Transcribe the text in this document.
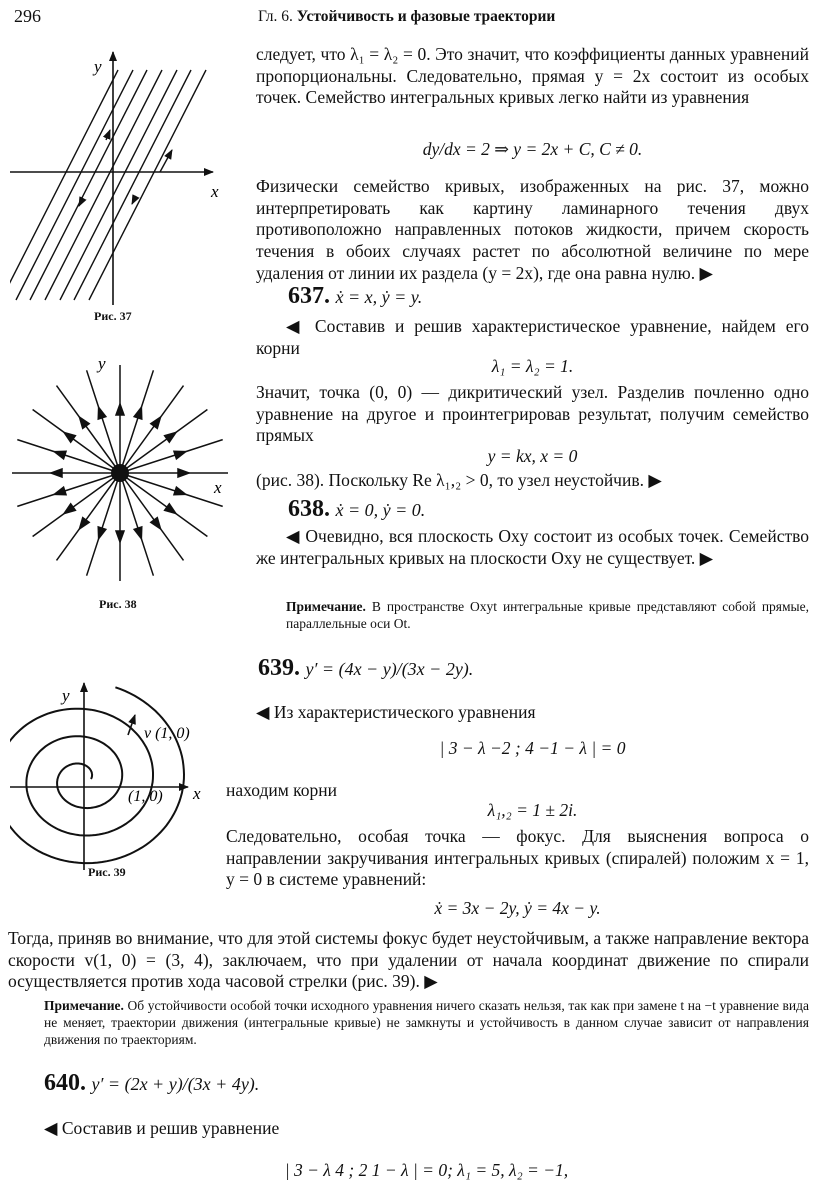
296	Гл. 6. Устойчивость и фазовые траектории
x
y
Рис. 37
x
y
Рис. 38
x
y
v (1, 0)
(1, 0)
Рис. 39
следует, что λ₁ = λ₂ = 0. Это значит, что коэффициенты данных уравнений пропорциональны. Следовательно, прямая y = 2x состоит из особых точек. Семейство интегральных кривых легко найти из уравнения
dy/dx = 2 ⇒ y = 2x + C, C ≠ 0.
Физически семейство кривых, изображенных на рис. 37, можно интерпретировать как картину ламинарного течения двух противоположно направленных потоков жидкости, причем скорость течения в обоих случаях растет по абсолютной величине по мере удаления от линии их раздела (y = 2x), где она равна нулю. ▶
637. ẋ = x, ẏ = y.
◀ Составив и решив характеристическое уравнение, найдем его корни
λ₁ = λ₂ = 1.
Значит, точка (0, 0) — дикритический узел. Разделив почленно одно уравнение на другое и проинтегрировав результат, получим семейство прямых
y = kx, x = 0
(рис. 38). Поскольку Re λ₁,₂ > 0, то узел неустойчив. ▶
638. ẋ = 0, ẏ = 0.
◀ Очевидно, вся плоскость Oxy состоит из особых точек. Семейство же интегральных кривых на плоскости Oxy не существует. ▶
Примечание. В пространстве Oxyt интегральные кривые представляют собой прямые, параллельные оси Ot.
639. y′ = (4x − y)/(3x − 2y).
◀ Из характеристического уравнения
| 3 − λ −2 ; 4 −1 − λ | = 0
находим корни
λ₁,₂ = 1 ± 2i.
Следовательно, особая точка — фокус. Для выяснения вопроса о направлении закручивания интегральных кривых (спиралей) положим x = 1, y = 0 в системе уравнений:
ẋ = 3x − 2y, ẏ = 4x − y.
Тогда, приняв во внимание, что для этой системы фокус будет неустойчивым, а также направление вектора скорости v(1, 0) = (3, 4), заключаем, что при удалении от начала координат движение по спирали осуществляется против хода часовой стрелки (рис. 39). ▶
Примечание. Об устойчивости особой точки исходного уравнения ничего сказать нельзя, так как при замене t на −t уравнение вида не меняет, траектории движения (интегральные кривые) не замкнуты и устойчивость в данном случае зависит от направления движения по траекториям.
640. y′ = (2x + y)/(3x + 4y).
◀ Составив и решив уравнение
| 3 − λ 4 ; 2 1 − λ | = 0; λ₁ = 5, λ₂ = −1,
